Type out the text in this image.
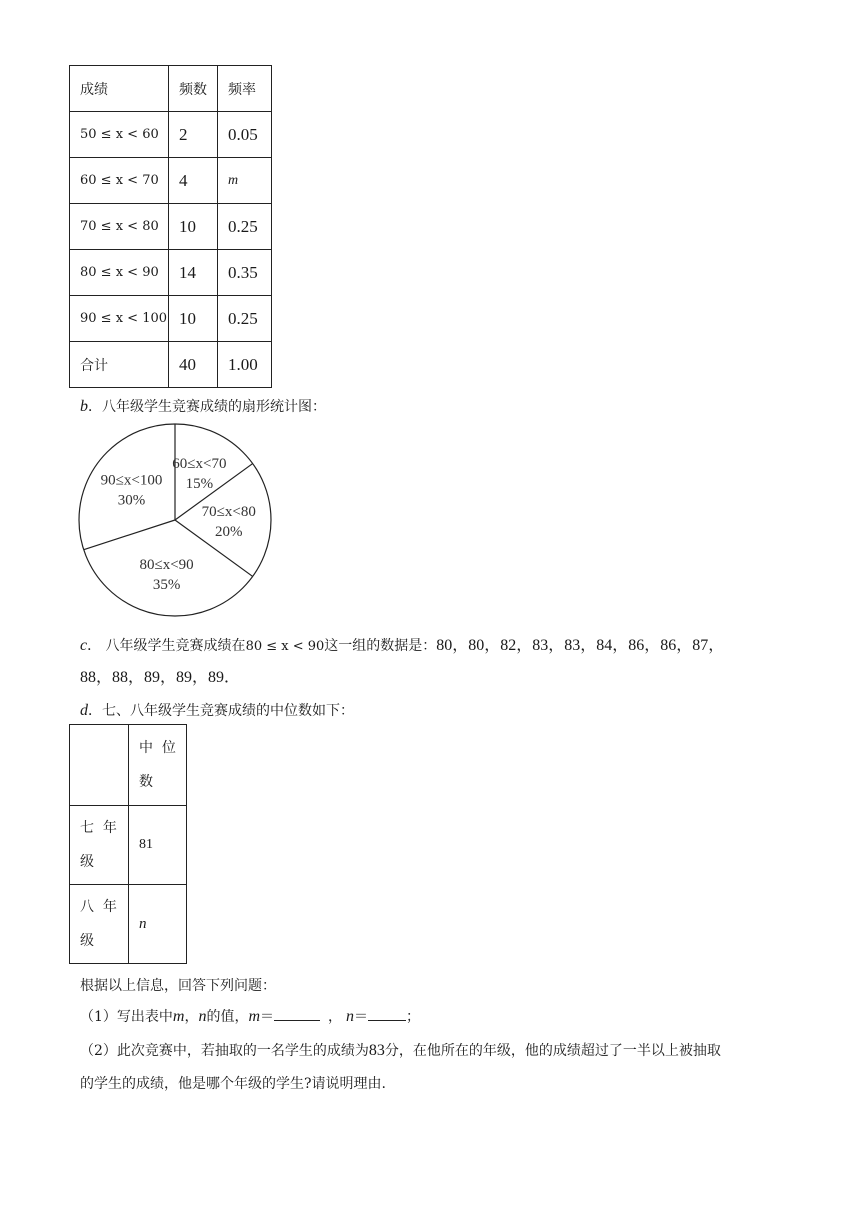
成绩	频数	频率
50 ≤ x < 60	2	0.05
60 ≤ x < 70	4	m
70 ≤ x < 80	10	0.25
80 ≤ x < 90	14	0.35
90 ≤ x < 100	10	0.25
合计	40	1.00
b．八年级学生竞赛成绩的扇形统计图：
60≤x<70
15%
70≤x<80
20%
80≤x<90
35%
90≤x<100
30%
c． 八年级学生竞赛成绩在80 ≤ x < 90这一组的数据是：80，80，82，83，83，84，86，86，87，
88，88，89，89，89．
d．七、八年级学生竞赛成绩的中位数如下：

	中  位
数

七  年
级	81

八  年
级	n
根据以上信息，回答下列问题：
（1）写出表中m，n的值，m＝	， n＝	；
（2）此次竞赛中，若抽取的一名学生的成绩为83分，在他所在的年级，他的成绩超过了一半以上被抽取
的学生的成绩，他是哪个年级的学生?请说明理由.
